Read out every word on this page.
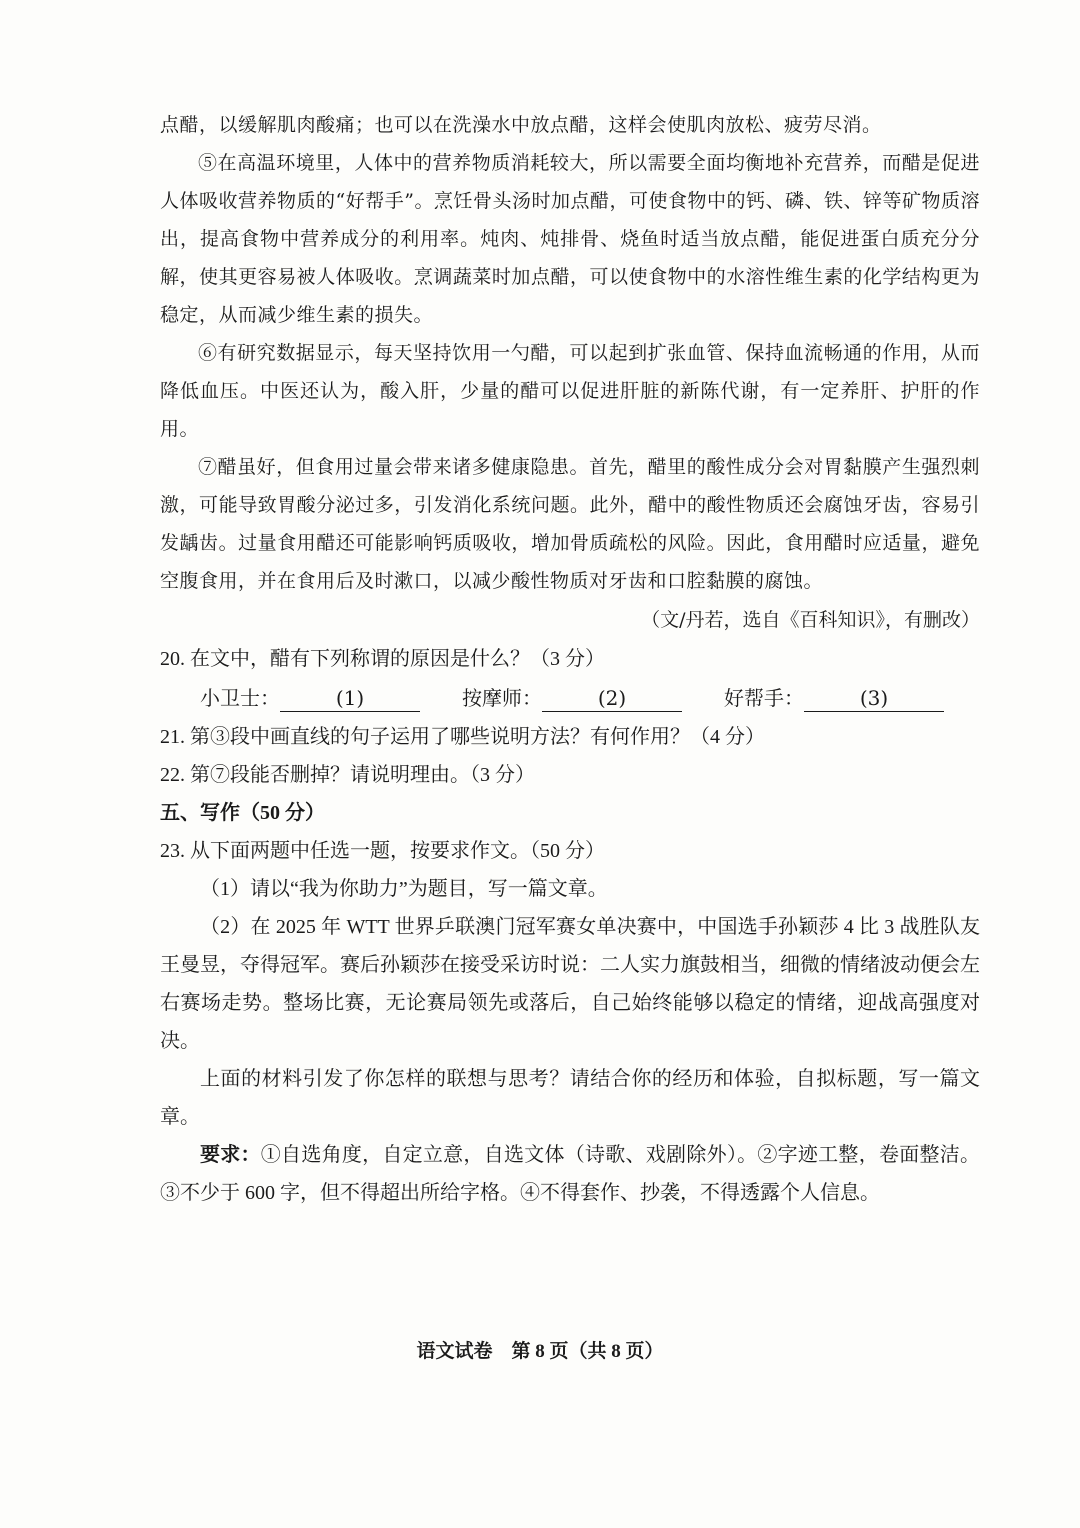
点醋，以缓解肌肉酸痛；也可以在洗澡水中放点醋，这样会使肌肉放松、疲劳尽消。

⑤在高温环境里，人体中的营养物质消耗较大，所以需要全面均衡地补充营养，而醋是促进人体吸收营养物质的“好帮手”。烹饪骨头汤时加点醋，可使食物中的钙、磷、铁、锌等矿物质溶出，提高食物中营养成分的利用率。炖肉、炖排骨、烧鱼时适当放点醋，能促进蛋白质充分分解，使其更容易被人体吸收。烹调蔬菜时加点醋，可以使食物中的水溶性维生素的化学结构更为稳定，从而减少维生素的损失。

⑥有研究数据显示，每天坚持饮用一勺醋，可以起到扩张血管、保持血流畅通的作用，从而降低血压。中医还认为，酸入肝，少量的醋可以促进肝脏的新陈代谢，有一定养肝、护肝的作用。

⑦醋虽好，但食用过量会带来诸多健康隐患。首先，醋里的酸性成分会对胃黏膜产生强烈刺激，可能导致胃酸分泌过多，引发消化系统问题。此外，醋中的酸性物质还会腐蚀牙齿，容易引发龋齿。过量食用醋还可能影响钙质吸收，增加骨质疏松的风险。因此，食用醋时应适量，避免空腹食用，并在食用后及时漱口，以减少酸性物质对牙齿和口腔黏膜的腐蚀。

（文/丹若，选自《百科知识》，有删改）

20. 在文中，醋有下列称谓的原因是什么？（3 分）

小卫士：	(1)	按摩师：	(2)	好帮手：	(3)

21. 第③段中画直线的句子运用了哪些说明方法？有何作用？（4 分）

22. 第⑦段能否删掉？请说明理由。（3 分）

五、写作（50 分）

23. 从下面两题中任选一题，按要求作文。（50 分）

（1）请以“我为你助力”为题目，写一篇文章。

（2）在 2025 年 WTT 世界乒联澳门冠军赛女单决赛中，中国选手孙颖莎 4 比 3 战胜队友王曼昱，夺得冠军。赛后孙颖莎在接受采访时说：二人实力旗鼓相当，细微的情绪波动便会左右赛场走势。整场比赛，无论赛局领先或落后，自己始终能够以稳定的情绪，迎战高强度对决。

上面的材料引发了你怎样的联想与思考？请结合你的经历和体验，自拟标题，写一篇文章。

要求：①自选角度，自定立意，自选文体（诗歌、戏剧除外）。②字迹工整，卷面整洁。③不少于 600 字，但不得超出所给字格。④不得套作、抄袭，不得透露个人信息。

语文试卷　第 8 页（共 8 页）
